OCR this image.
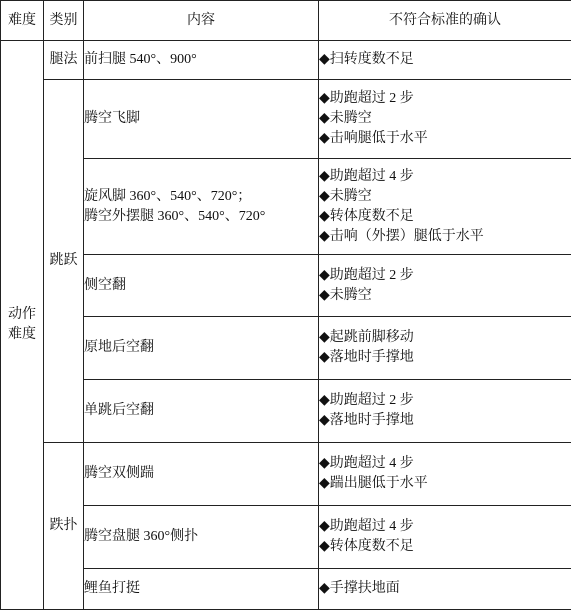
难度	类别	内容	不符合标准的确认

动作
难度	腿法	前扫腿 540°、900°	◆扫转度数不足

	跳跃	腾空飞脚	◆助跑超过 2 步
◆未腾空
◆击响腿低于水平

		旋风脚 360°、540°、720°；
腾空外摆腿 360°、540°、720°	◆助跑超过 4 步
◆未腾空
◆转体度数不足
◆击响（外摆）腿低于水平

		侧空翻	◆助跑超过 2 步
◆未腾空

		原地后空翻	◆起跳前脚移动
◆落地时手撑地

		单跳后空翻	◆助跑超过 2 步
◆落地时手撑地

	跌扑	腾空双侧踹	◆助跑超过 4 步
◆踹出腿低于水平

		腾空盘腿 360°侧扑	◆助跑超过 4 步
◆转体度数不足

		鲤鱼打挺	◆手撑扶地面
